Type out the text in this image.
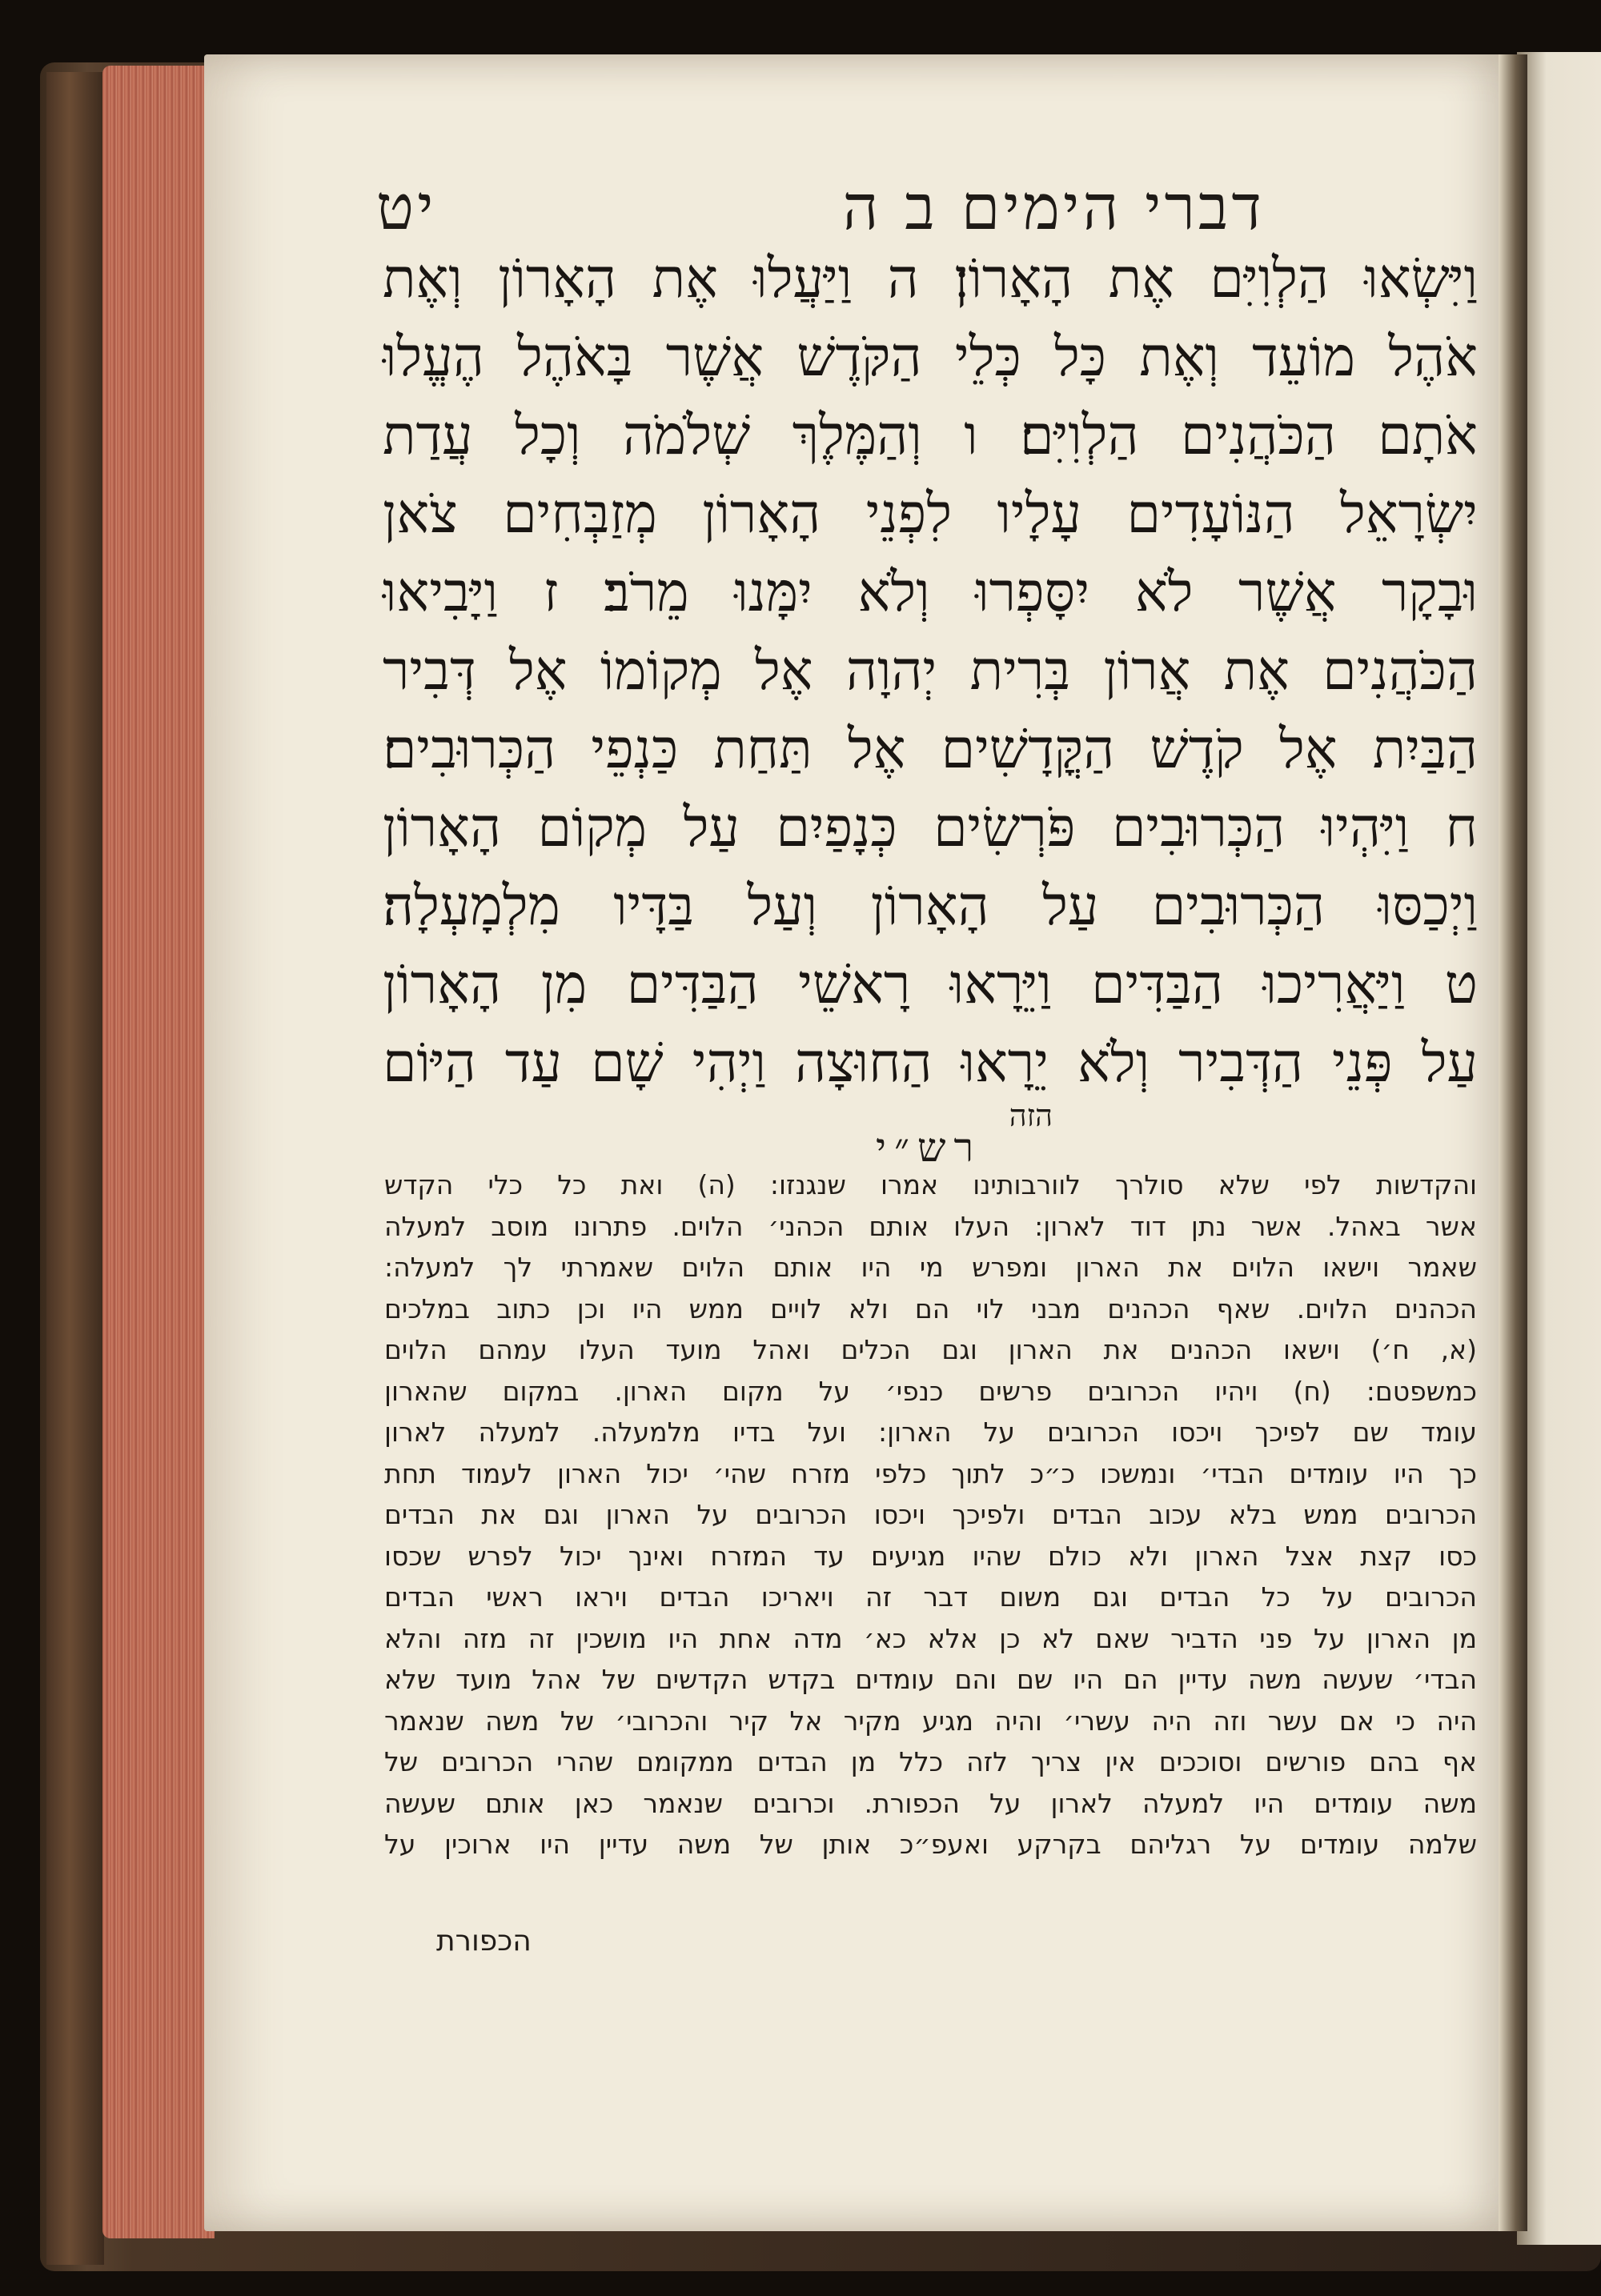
דברי הימים ב ה
יט
וַיִּשְׂאוּ הַלְוִיִּם אֶת הָאָרוֹן׃ ה וַיַּעֲלוּ אֶת הָאָרוֹן וְאֶת
אֹהֶל מוֹעֵד וְאֶת כָּל כְּלֵי הַקֹּדֶשׁ אֲשֶׁר בָּאֹהֶל הֶעֱלוּ
אֹתָם הַכֹּהֲנִים הַלְוִיִּם׃ ו וְהַמֶּלֶךְ שְׁלֹמֹה וְכָל עֲדַת
יִשְׂרָאֵל הַנּוֹעָדִים עָלָיו לִפְנֵי הָאָרוֹן מְזַבְּחִים צֹאן
וּבָקָר אֲשֶׁר לֹא יִסָּפְרוּ וְלֹא יִמָּנוּ מֵרֹב׃ ז וַיָּבִיאוּ
הַכֹּהֲנִים אֶת אֲרוֹן בְּרִית יְהוָה אֶל מְקוֹמוֹ אֶל דְּבִיר
הַבַּיִת אֶל קֹדֶשׁ הַקֳּדָשִׁים אֶל תַּחַת כַּנְפֵי הַכְּרוּבִים׃
ח וַיִּהְיוּ הַכְּרוּבִים פֹּרְשִׂים כְּנָפַיִם עַל מְקוֹם הָאָרוֹן
וַיְכַסּוּ הַכְּרוּבִים עַל הָאָרוֹן וְעַל בַּדָּיו מִלְמָעְלָה׃
ט וַיַּאֲרִיכוּ הַבַּדִּים וַיֵּרָאוּ רָאשֵׁי הַבַּדִּים מִן הָאָרוֹן
עַל פְּנֵי הַדְּבִיר וְלֹא יֵרָאוּ הַחוּצָה וַיְהִי שָׁם עַד הַיּוֹם
הזה
רש״י
והקדשות לפי שלא סולרך לוורבותינו אמרו שנגנזו: (ה) ואת כל כלי הקדש
אשר באהל. אשר נתן דוד לארון: העלו אותם הכהני׳ הלוים. פתרונו מוסב למעלה
שאמר וישאו הלוים את הארון ומפרש מי היו אותם הלוים שאמרתי לך למעלה:
הכהנים הלוים. שאף הכהנים מבני לוי הם ולא לויים ממש היו וכן כתוב במלכים
(א, ח׳) וישאו הכהנים את הארון וגם הכלים ואהל מועד העלו עמהם הלוים
כמשפטם: (ח) ויהיו הכרובים פרשים כנפי׳ על מקום הארון. במקום שהארון
עומד שם לפיכך ויכסו הכרובים על הארון: ועל בדיו מלמעלה. למעלה לארון
כך היו עומדים הבדי׳ ונמשכו כ״כ לתוך כלפי מזרח שהי׳ יכול הארון לעמוד תחת
הכרובים ממש בלא עכוב הבדים ולפיכך ויכסו הכרובים על הארון וגם את הבדים
כסו קצת אצל הארון ולא כולם שהיו מגיעים עד המזרח ואינך יכול לפרש שכסו
הכרובים על כל הבדים וגם משום דבר זה ויאריכו הבדים ויראו ראשי הבדים
מן הארון על פני הדביר שאם לא כן אלא כא׳ מדה אחת היו מושכין זה מזה והלא
הבדי׳ שעשה משה עדיין הם היו שם והם עומדים בקדש הקדשים של אהל מועד שלא
היה כי אם עשר וזה היה עשרי׳ והיה מגיע מקיר אל קיר והכרובי׳ של משה שנאמר
אף בהם פורשים וסוככים אין צריך לזה כלל מן הבדים ממקומם שהרי הכרובים של
משה עומדים היו למעלה לארון על הכפורת. וכרובים שנאמר כאן אותם שעשה
שלמה עומדים על רגליהם בקרקע ואעפ״כ אותן של משה עדיין היו ארוכין על
הכפורת
